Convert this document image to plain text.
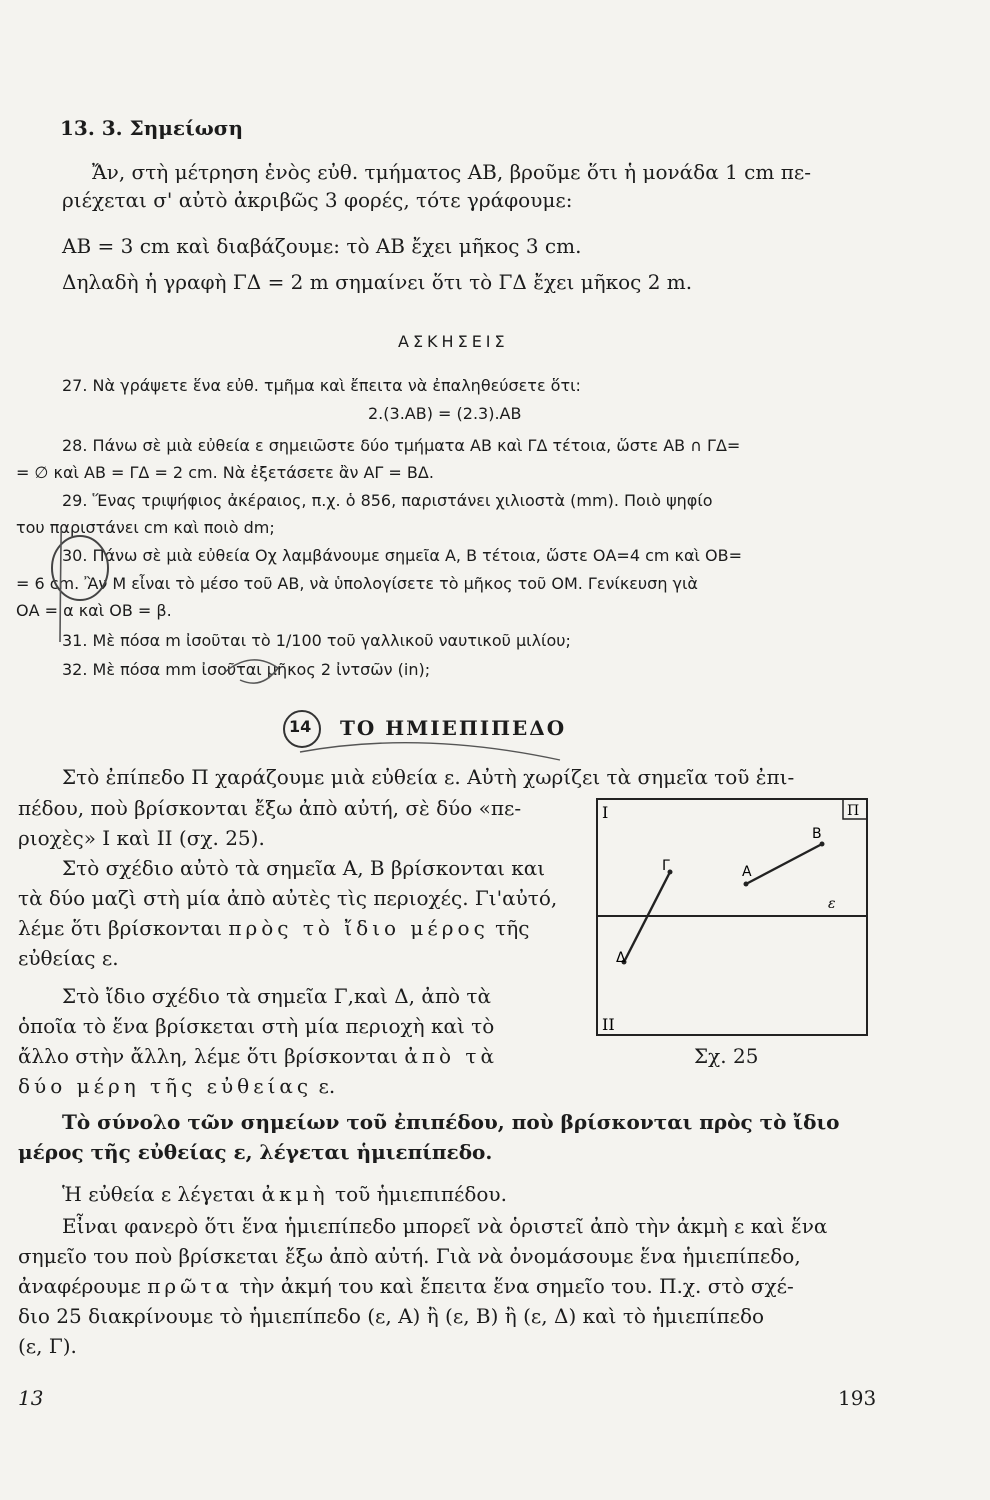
13. 3. Σημείωση
Ἄν, στὴ μέτρηση ἑνὸς εὐθ. τμήματος ΑΒ, βροῦμε ὅτι ἡ μονάδα 1 cm πε-
ριέχεται σ' αὐτὸ ἀκριβῶς 3 φορές, τότε γράφουμε:
ΑΒ = 3 cm καὶ διαβάζουμε: τὸ ΑΒ ἔχει μῆκος 3 cm.
Δηλαδὴ ἡ γραφὴ ΓΔ = 2 m σημαίνει ὅτι τὸ ΓΔ ἔχει μῆκος 2 m.
ΑΣΚΗΣΕΙΣ
27. Νὰ γράψετε ἕνα εὐθ. τμῆμα καὶ ἔπειτα νὰ ἐπαληθεύσετε ὅτι:
2.(3.ΑΒ) = (2.3).ΑΒ
28. Πάνω σὲ μιὰ εὐθεία ε σημειῶστε δύο τμήματα ΑΒ καὶ ΓΔ τέτοια, ὥστε ΑΒ ∩ ΓΔ=
= ∅ καὶ ΑΒ = ΓΔ = 2 cm. Νὰ ἐξετάσετε ἂν ΑΓ = ΒΔ.
29. Ἕνας τριψήφιος ἀκέραιος, π.χ. ὁ 856, παριστάνει χιλιοστὰ (mm). Ποιὸ ψηφίο
του παριστάνει cm καὶ ποιὸ dm;
30. Πάνω σὲ μιὰ εὐθεία Οχ λαμβάνουμε σημεῖα Α, Β τέτοια, ὥστε ΟΑ=4 cm καὶ ΟΒ=
= 6 cm. Ἂν Μ εἶναι τὸ μέσο τοῦ ΑΒ, νὰ ὑπολογίσετε τὸ μῆκος τοῦ ΟΜ. Γενίκευση γιὰ
ΟΑ = α καὶ ΟΒ = β.
31. Μὲ πόσα m ἰσοῦται τὸ 1/100 τοῦ γαλλικοῦ ναυτικοῦ μιλίου;
32. Μὲ πόσα mm ἰσοῦται μῆκος 2 ἰντσῶν (in);
14 ΤΟ ΗΜΙΕΠΙΠΕΔΟ
Στὸ ἐπίπεδο Π χαράζουμε μιὰ εὐθεία ε. Αὐτὴ χωρίζει τὰ σημεῖα τοῦ ἐπι-
πέδου, ποὺ βρίσκονται ἔξω ἀπὸ αὐτή, σὲ δύο «πε-
ριοχὲς» Ι καὶ ΙΙ (σχ. 25).
Στὸ σχέδιο αὐτὸ τὰ σημεῖα Α, Β βρίσκονται και
τὰ δύο μαζὶ στὴ μία ἀπὸ αὐτὲς τὶς περιοχές. Γι'αὐτό,
λέμε ὅτι βρίσκονται πρὸς τὸ ἴδιο μέρος τῆς
εὐθείας ε.
Στὸ ἴδιο σχέδιο τὰ σημεῖα Γ,καὶ Δ, ἀπὸ τὰ
ὁποῖα τὸ ἕνα βρίσκεται στὴ μία περιοχὴ καὶ τὸ
ἄλλο στὴν ἄλλη, λέμε ὅτι βρίσκονται ἀπὸ τὰ
δύο μέρη τῆς εὐθείας ε.
Ι
ΙΙ
Π
Α
Β
Γ
Δ
ε
Σχ. 25
Τὸ σύνολο τῶν σημείων τοῦ ἐπιπέδου, ποὺ βρίσκονται πρὸς τὸ ἴδιο
μέρος τῆς εὐθείας ε, λέγεται ἡμιεπίπεδο.
Ἡ εὐθεία ε λέγεται ἀκμὴ τοῦ ἡμιεπιπέδου.
Εἶναι φανερὸ ὅτι ἕνα ἡμιεπίπεδο μπορεῖ νὰ ὁριστεῖ ἀπὸ τὴν ἀκμὴ ε καὶ ἕνα
σημεῖο του ποὺ βρίσκεται ἔξω ἀπὸ αὐτή. Γιὰ νὰ ὀνομάσουμε ἕνα ἡμιεπίπεδο,
ἀναφέρουμε πρῶτα τὴν ἀκμή του καὶ ἔπειτα ἕνα σημεῖο του. Π.χ. στὸ σχέ-
διο 25 διακρίνουμε τὸ ἡμιεπίπεδο (ε, Α) ἢ (ε, Β) ἢ (ε, Δ) καὶ τὸ ἡμιεπίπεδο
(ε, Γ).
13	193
